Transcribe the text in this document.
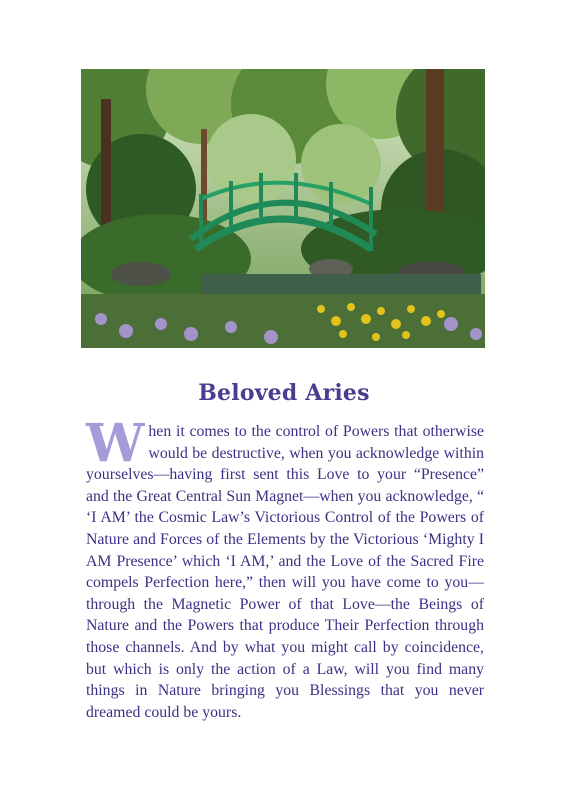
Beloved Aries
W hen it comes to the control of Powers that otherwise would be destructive, when you acknowledge within yourselves—having first sent this Love to your “Presence” and the Great Central Sun Magnet—when you acknowledge, “ ‘I AM’ the Cosmic Law’s Victorious Control of the Powers of Nature and Forces of the Elements by the Victorious ‘Mighty I AM Presence’ which ‘I AM,’ and the Love of the Sacred Fire compels Perfection here,” then will you have come to you—through the Magnetic Power of that Love—the Beings of Nature and the Powers that produce Their Perfection through those channels. And by what you might call by coincidence, but which is only the action of a Law, will you find many things in Nature bringing you Blessings that you never dreamed could be yours.
